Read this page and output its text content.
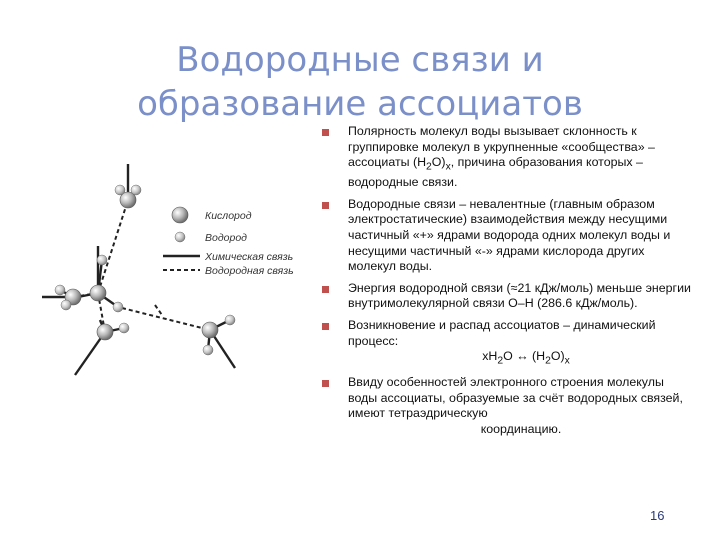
Водородные связи и
образование ассоциатов
Кислород
Водород
Химическая связь
Водородная связь
Полярность молекул воды вызывает склонность к группировке молекул в укрупненные «сообщества» – ассоциаты $(H_2O)_x$, причина образования которых – водородные связи.
Водородные связи – невалентные (главным образом электростатические) взаимодействия между несущими частичный «+» ядрами водорода одних молекул воды и несущими частичный «-» ядрами кислорода других молекул воды.
Энергия водородной связи (≈21 кДж/моль) меньше энергии внутримолекулярной связи O–H (286.6 кДж/моль).
Возникновение и распад ассоциатов – динамический процесс:
$xH_2O$ ↔ $(H_2O)_x$
Ввиду особенностей электронного строения молекулы воды ассоциаты, образуемые за счёт водородных связей, имеют тетраэдрическую
координацию.
16
